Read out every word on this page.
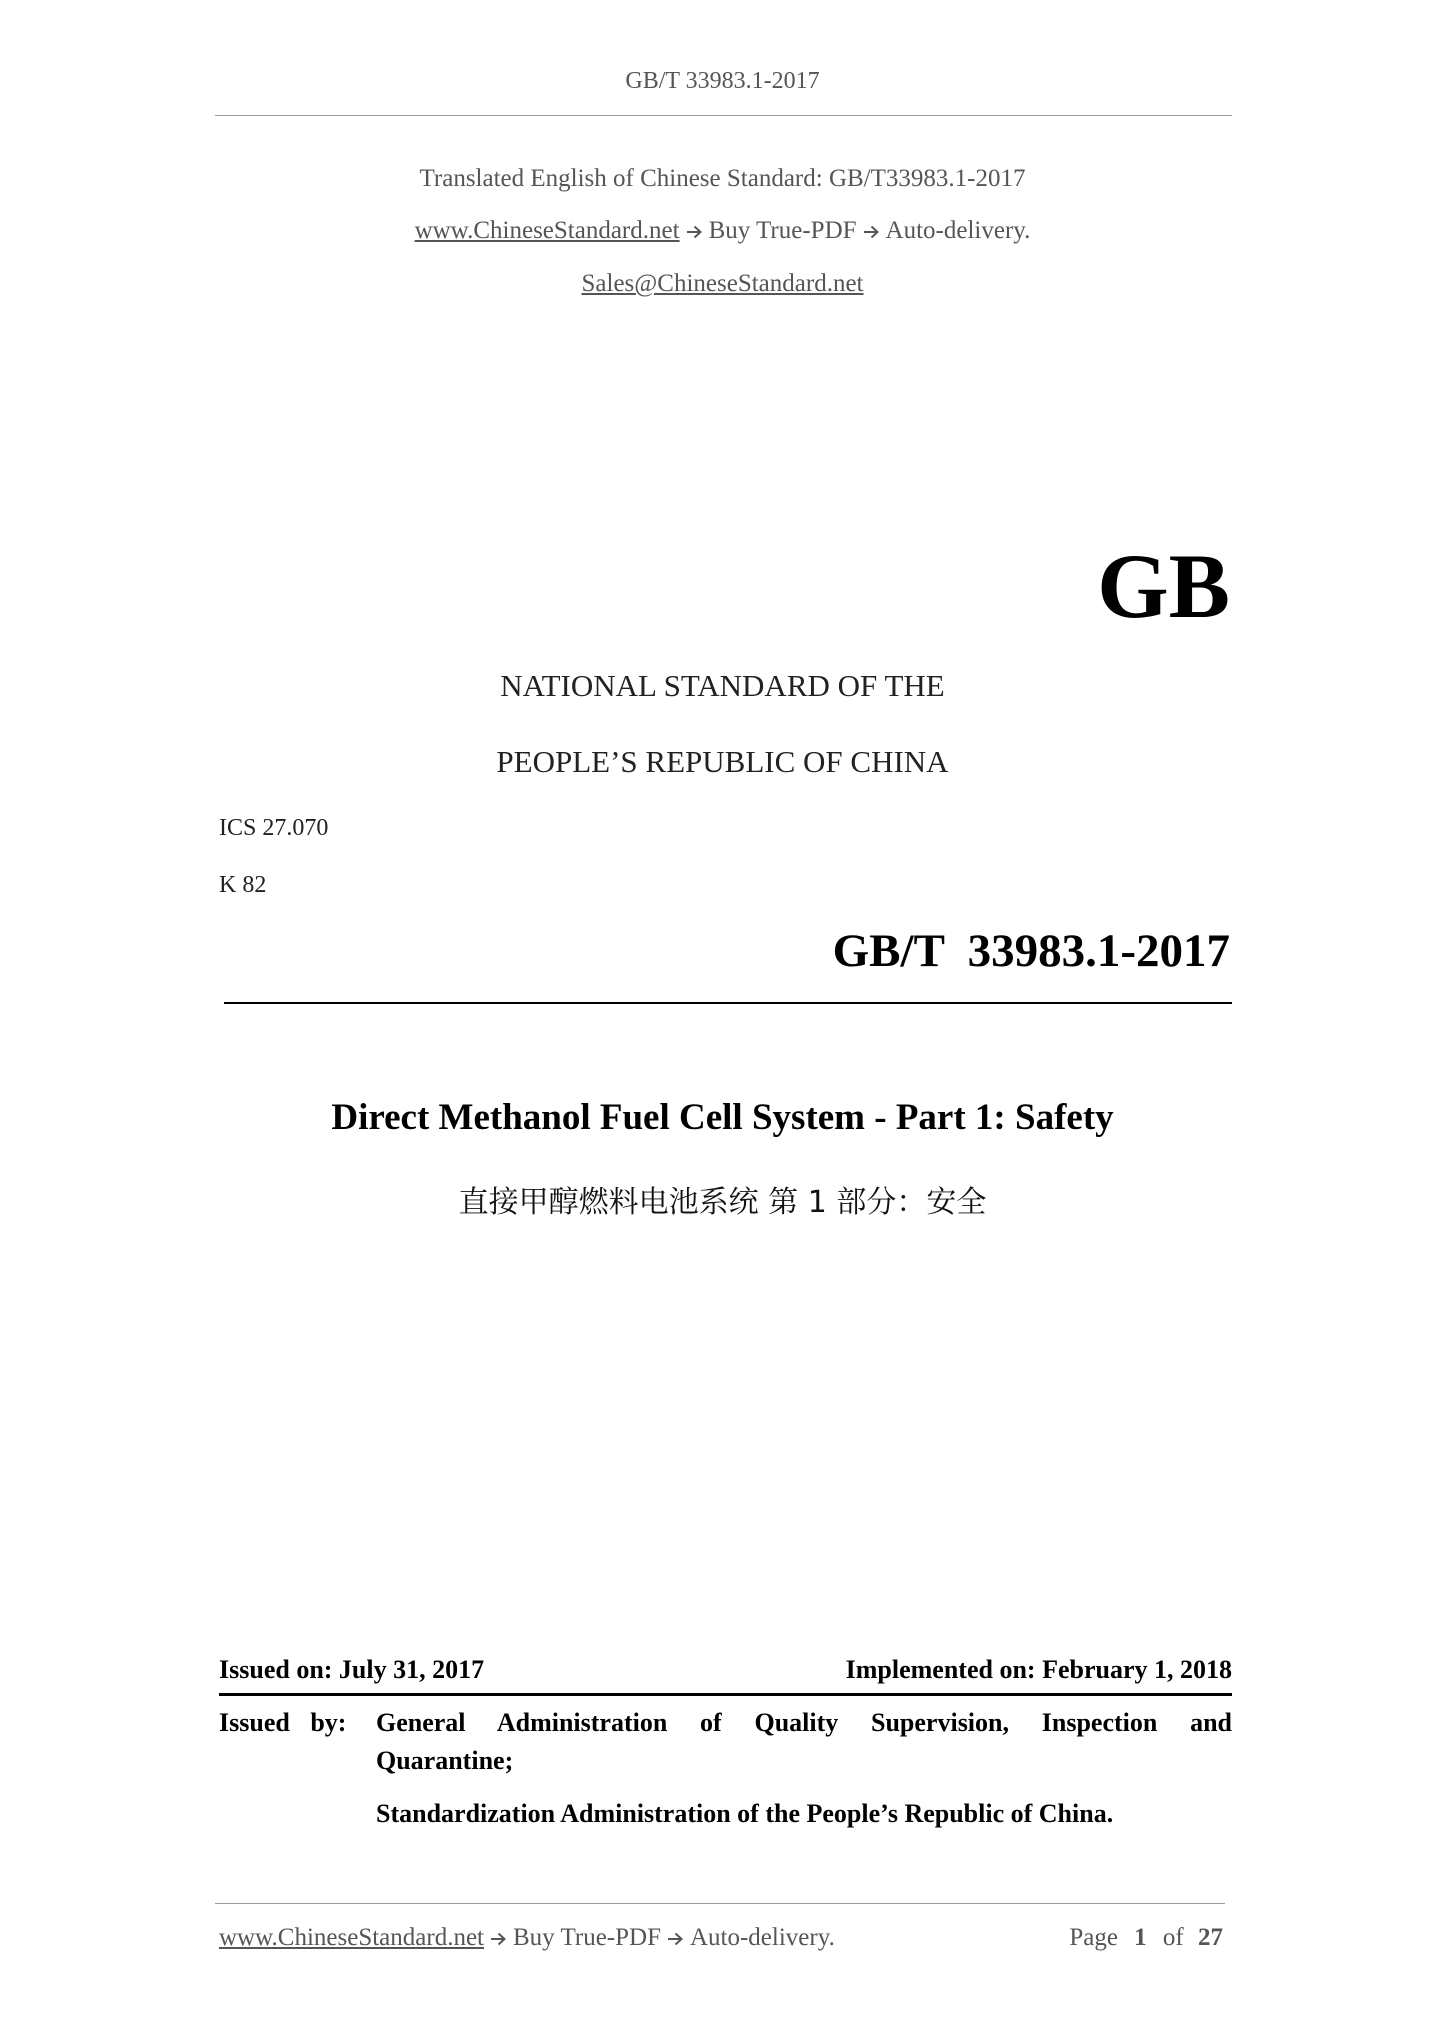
GB/T 33983.1-2017
Translated English of Chinese Standard: GB/T33983.1-2017
www.ChineseStandard.net Buy True-PDF Auto-delivery.
Sales@ChineseStandard.net
GB
NATIONAL STANDARD OF THE
PEOPLE’S REPUBLIC OF CHINA
ICS 27.070
K 82
GB/T  33983.1-2017
Direct Methanol Fuel Cell System - Part 1: Safety
直接甲醇燃料电池系统 第 1 部分：安全
Issued on: July 31, 2017	Implemented on: February 1, 2018
Issued by: General Administration of Quality Supervision, Inspection and
Quarantine;
Standardization Administration of the People’s Republic of China.
www.ChineseStandard.net Buy True-PDF Auto-delivery.	Page 1 of 27
